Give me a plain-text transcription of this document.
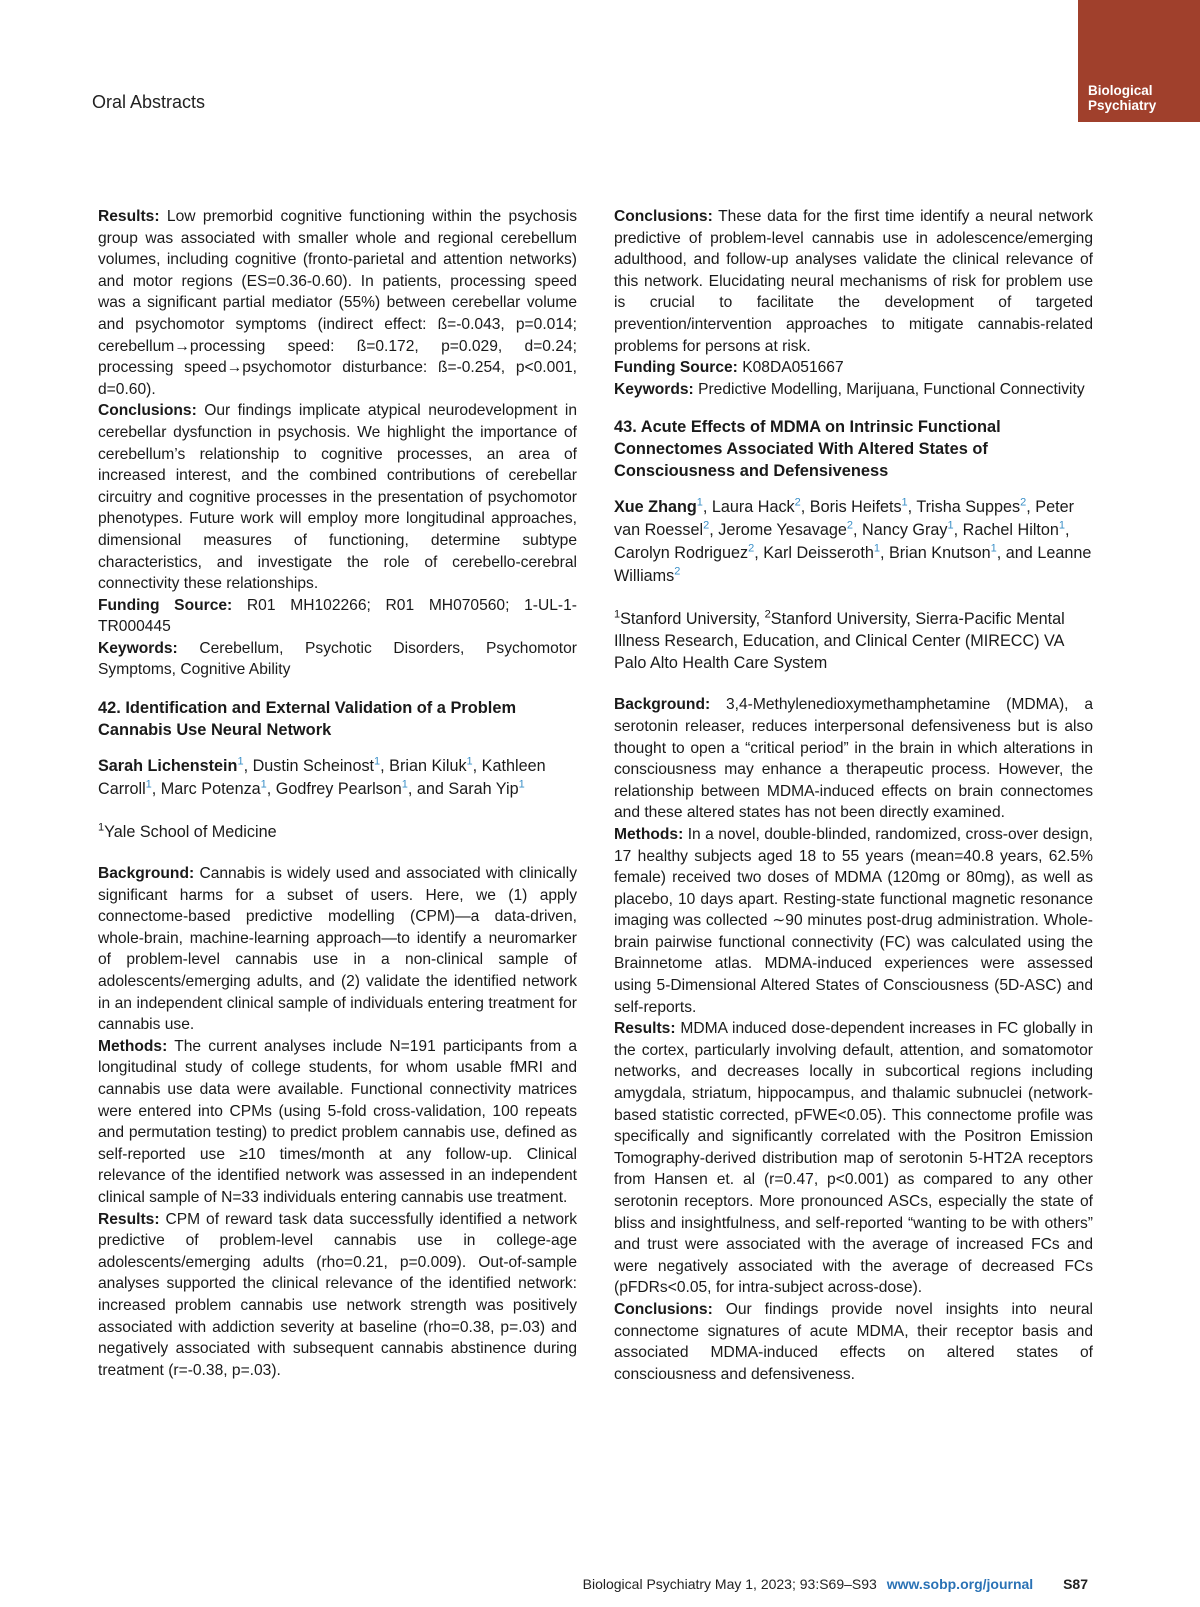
Oral Abstracts
Biological
Psychiatry

Results: Low premorbid cognitive functioning within the psychosis group was associated with smaller whole and regional cerebellum volumes, including cognitive (fronto-parietal and attention networks) and motor regions (ES=0.36-0.60). In patients, processing speed was a significant partial mediator (55%) between cerebellar volume and psychomotor symptoms (indirect effect: ß=-0.043, p=0.014; cerebellum→processing speed: ß=0.172, p=0.029, d=0.24; processing speed→psychomotor disturbance: ß=-0.254, p<0.001, d=0.60).

Conclusions: Our findings implicate atypical neurodevelopment in cerebellar dysfunction in psychosis. We highlight the importance of cerebellum’s relationship to cognitive processes, an area of increased interest, and the combined contributions of cerebellar circuitry and cognitive processes in the presentation of psychomotor phenotypes. Future work will employ more longitudinal approaches, dimensional measures of functioning, determine subtype characteristics, and investigate the role of cerebello-cerebral connectivity these relationships.

Funding Source: R01 MH102266; R01 MH070560; 1-UL-1-TR000445

Keywords: Cerebellum, Psychotic Disorders, Psychomotor Symptoms, Cognitive Ability

42. Identification and External Validation of a Problem Cannabis Use Neural Network
Sarah Lichenstein$^1$, Dustin Scheinost$^1$, Brian Kiluk$^1$, Kathleen Carroll$^1$, Marc Potenza$^1$, Godfrey Pearlson$^1$, and Sarah Yip$^1$
$^1$Yale School of Medicine

Background: Cannabis is widely used and associated with clinically significant harms for a subset of users. Here, we (1) apply connectome-based predictive modelling (CPM)—a data-driven, whole-brain, machine-learning approach—to identify a neuromarker of problem-level cannabis use in a non-clinical sample of adolescents/emerging adults, and (2) validate the identified network in an independent clinical sample of individuals entering treatment for cannabis use.

Methods: The current analyses include N=191 participants from a longitudinal study of college students, for whom usable fMRI and cannabis use data were available. Functional connectivity matrices were entered into CPMs (using 5-fold cross-validation, 100 repeats and permutation testing) to predict problem cannabis use, defined as self-reported use ≥10 times/month at any follow-up. Clinical relevance of the identified network was assessed in an independent clinical sample of N=33 individuals entering cannabis use treatment.

Results: CPM of reward task data successfully identified a network predictive of problem-level cannabis use in college-age adolescents/emerging adults (rho=0.21, p=0.009). Out-of-sample analyses supported the clinical relevance of the identified network: increased problem cannabis use network strength was positively associated with addiction severity at baseline (rho=0.38, p=.03) and negatively associated with subsequent cannabis abstinence during treatment (r=-0.38, p=.03).

Conclusions: These data for the first time identify a neural network predictive of problem-level cannabis use in adolescence/emerging adulthood, and follow-up analyses validate the clinical relevance of this network. Elucidating neural mechanisms of risk for problem use is crucial to facilitate the development of targeted prevention/intervention approaches to mitigate cannabis-related problems for persons at risk.

Funding Source: K08DA051667

Keywords: Predictive Modelling, Marijuana, Functional Connectivity

43. Acute Effects of MDMA on Intrinsic Functional Connectomes Associated With Altered States of Consciousness and Defensiveness
Xue Zhang$^1$, Laura Hack$^2$, Boris Heifets$^1$, Trisha Suppes$^2$, Peter van Roessel$^2$, Jerome Yesavage$^2$, Nancy Gray$^1$, Rachel Hilton$^1$, Carolyn Rodriguez$^2$, Karl Deisseroth$^1$, Brian Knutson$^1$, and Leanne Williams$^2$
$^1$Stanford University, $^2$Stanford University, Sierra-Pacific Mental Illness Research, Education, and Clinical Center (MIRECC) VA Palo Alto Health Care System

Background: 3,4-Methylenedioxymethamphetamine (MDMA), a serotonin releaser, reduces interpersonal defensiveness but is also thought to open a “critical period” in the brain in which alterations in consciousness may enhance a therapeutic process. However, the relationship between MDMA-induced effects on brain connectomes and these altered states has not been directly examined.

Methods: In a novel, double-blinded, randomized, cross-over design, 17 healthy subjects aged 18 to 55 years (mean=40.8 years, 62.5% female) received two doses of MDMA (120mg or 80mg), as well as placebo, 10 days apart. Resting-state functional magnetic resonance imaging was collected ∼90 minutes post-drug administration. Whole-brain pairwise functional connectivity (FC) was calculated using the Brainnetome atlas. MDMA-induced experiences were assessed using 5-Dimensional Altered States of Consciousness (5D-ASC) and self-reports.

Results: MDMA induced dose-dependent increases in FC globally in the cortex, particularly involving default, attention, and somatomotor networks, and decreases locally in subcortical regions including amygdala, striatum, hippocampus, and thalamic subnuclei (network-based statistic corrected, pFWE<0.05). This connectome profile was specifically and significantly correlated with the Positron Emission Tomography-derived distribution map of serotonin 5-HT2A receptors from Hansen et. al (r=0.47, p<0.001) as compared to any other serotonin receptors. More pronounced ASCs, especially the state of bliss and insightfulness, and self-reported “wanting to be with others” and trust were associated with the average of increased FCs and were negatively associated with the average of decreased FCs (pFDRs<0.05, for intra-subject across-dose).

Conclusions: Our findings provide novel insights into neural connectome signatures of acute MDMA, their receptor basis and associated MDMA-induced effects on altered states of consciousness and defensiveness.

Biological Psychiatry May 1, 2023; 93:S69–S93 www.sobp.org/journal S87
